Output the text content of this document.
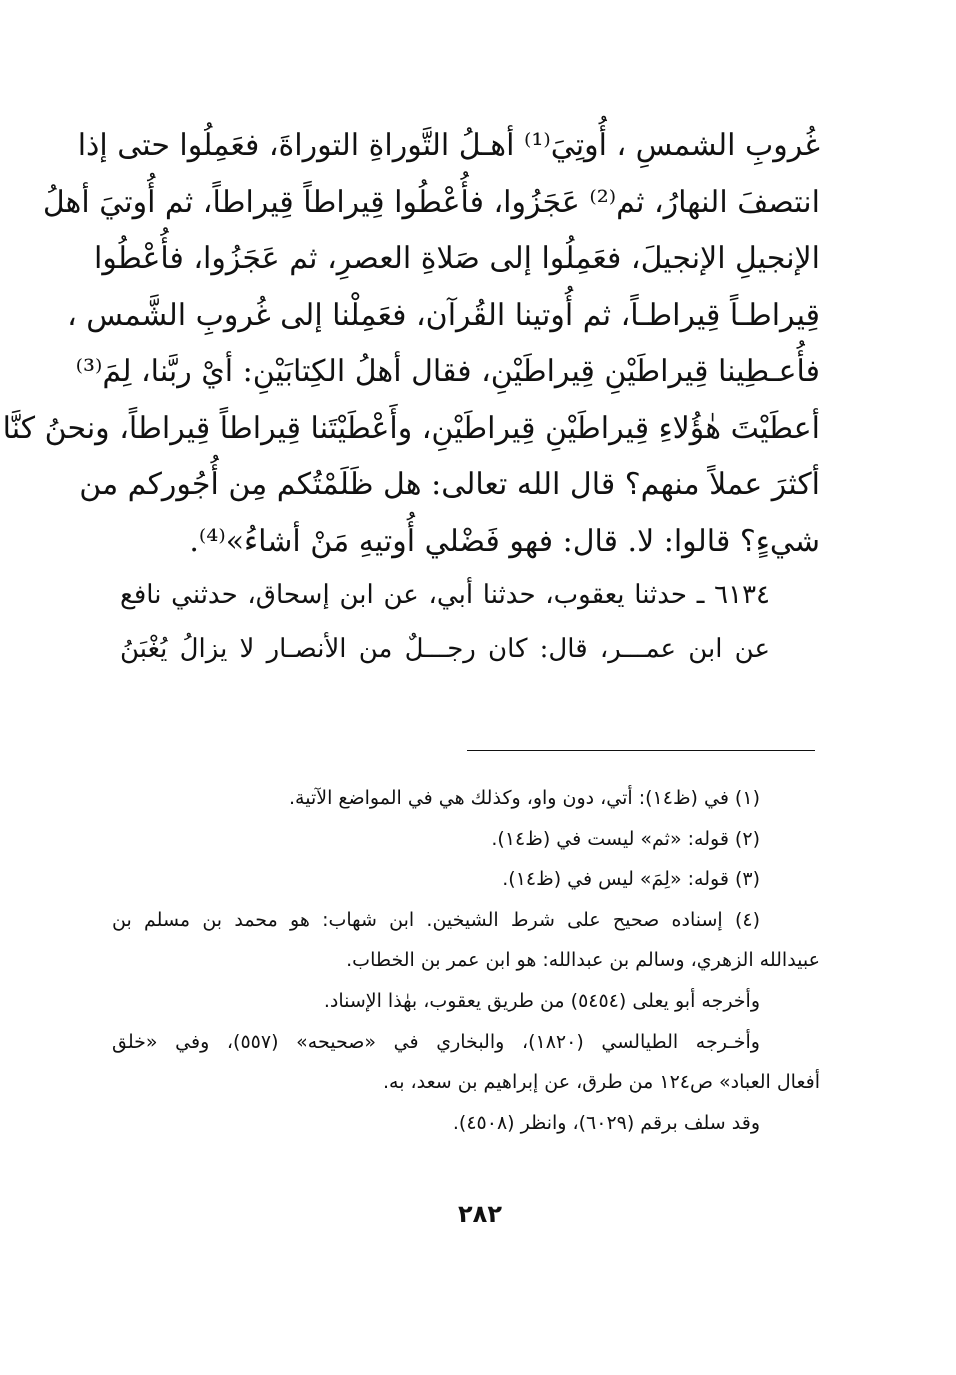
غُروبِ الشمسِ ، أُوتِيَ⁽¹⁾ أهـلُ التَّوراةِ التوراةَ، فعَمِلُوا حتى إذا
انتصفَ النهارُ، ثم⁽²⁾ عَجَزُوا، فأُعْطُوا قِيراطاً قِيراطاً، ثم أُوتيَ أهلُ
الإنجيلِ الإنجيلَ، فعَمِلُوا إلى صَلاةِ العصرِ، ثم عَجَزُوا، فأُعْطُوا
قِيراطـاً قِيراطـاً، ثم أُوتينا القُرآن، فعَمِلْنا إلى غُروبِ الشَّمس ،
فأُعـطِينا قِيراطَيْنِ قِيراطَيْنِ، فقال أهلُ الكِتابَيْنِ: أيْ ربَّنا، لِمَ⁽³⁾
أعطَيْتَ هٰؤُلاءِ قِيراطَيْنِ قِيراطَيْنِ، وأَعْطَيْتَنا قِيراطاً قِيراطاً، ونحنُ كنَّا
أكثرَ عملاً منهم؟ قال الله تعالى: هل ظَلَمْتُكم مِن أُجُوركم من
شيءٍ؟ قالوا: لا. قال: فهو فَضْلي أُوتيهِ مَنْ أشاءُ»⁽⁴⁾.
٦١٣٤ ـ حدثنا يعقوب، حدثنا أبي، عن ابن إسحاق، حدثني نافع
عن ابن عمـــر، قال: كان رجـــلٌ من الأنصـار لا يزالُ يُغْبَنُ
(١) في (ظ١٤): أتي، دون واو، وكذلك هي في المواضع الآتية.
(٢) قوله: «ثم» ليست في (ظ١٤).
(٣) قوله: «لِمَ» ليس في (ظ١٤).
(٤) إسناده صحيح على شرط الشيخين. ابن شهاب: هو محمد بن مسلم بن
عبيدالله الزهري، وسالم بن عبدالله: هو ابن عمر بن الخطاب.
وأخرجه أبو يعلى (٥٤٥٤) من طريق يعقوب، بهٰذا الإسناد.
وأخـرجه الطيالسي (١٨٢٠)، والبخاري في «صحيحه» (٥٥٧)، وفي «خلق
أفعال العباد» ص١٢٤ من طرق، عن إبراهيم بن سعد، به.
وقد سلف برقم (٦٠٢٩)، وانظر (٤٥٠٨).
٢٨٢
